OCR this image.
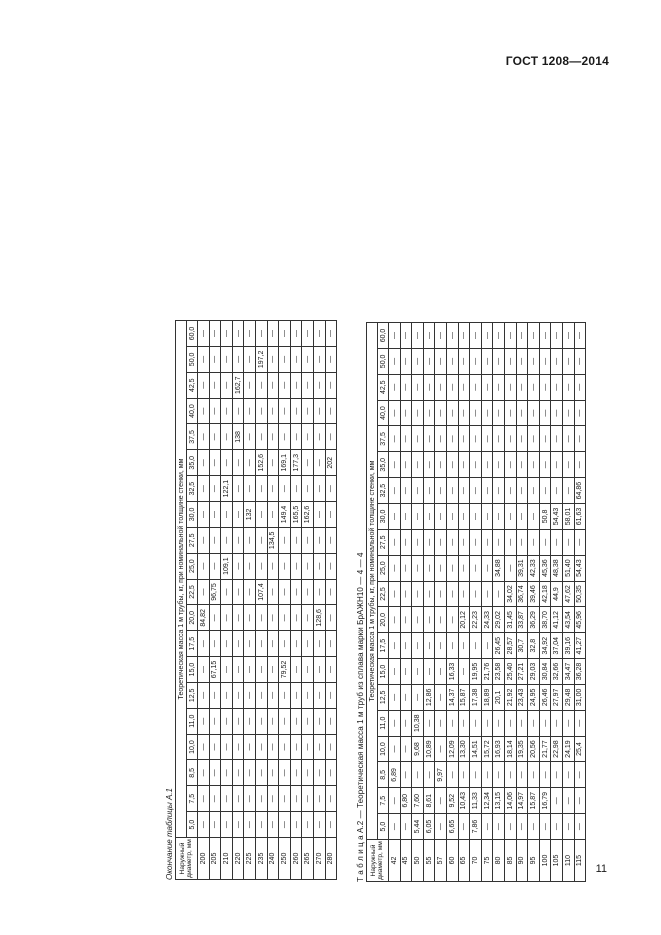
ГОСТ 1208—2014
Окончание таблицы А.1 Наружный диаметр, мм	Теоретическая масса 1 м трубы, кг, при номинальной толщине стенки, мм																			
	5,0	7,5	8,5	10,0	11,0	12,5	15,0	17,5	20,0	22,5	25,0	27,5	30,0	32,5	35,0	37,5	40,0	42,5	50,0	60,0
200	—	—	—	—	—	—	—	—	84,82	—	—	—	—	—	—	—	—	—	—	—
205	—	—	—	—	—	—	67,15	—	—	96,75	—	—	—	—	—	—	—	—	—	—
210	—	—	—	—	—	—	—	—	—	—	109,1	—	—	122,1	—	—	—	—	—	—
220	—	—	—	—	—	—	—	—	—	—	—	—	—	—	—	138	—	162,7	—	—
225	—	—	—	—	—	—	—	—	—	—	—	—	132	—	—	—	—	—	—	—
235	—	—	—	—	—	—	—	—	—	107,4	—	—	—	—	152,6	—	—	—	197,2	—
240	—	—	—	—	—	—	—	—	—	—	—	134,5	—	—	—	—	—	—	—	—
250	—	—	—	—	—	—	79,52	—	—	—	—	—	149,4	—	169,1	—	—	—	—	—
260	—	—	—	—	—	—	—	—	—	—	—	—	165,5	—	177,3	—	—	—	—	—
265	—	—	—	—	—	—	—	—	—	—	—	—	162,6	—	—	—	—	—	—	—
270	—	—	—	—	—	—	—	—	128,6	—	—	—	—	—	—	—	—	—	—	—
280	—	—	—	—	—	—	—	—	—	—	—	—	—	—	202	—	—	—	—	—
Т а б л и ц а А.2 — Теоретическая масса 1 м труб из сплава марки БрАЖН10 — 4 — 4 Наружный диаметр, мм	Теоретическая масса 1 м трубы, кг, при номинальной толщине стенки, мм																			
	5,0	7,5	8,5	10,0	11,0	12,5	15,0	17,5	20,0	22,5	25,0	27,5	30,0	32,5	35,0	37,5	40,0	42,5	50,0	60,0
42	—	—	6,89	—	—	—	—	—	—	—	—	—	—	—	—	—	—	—	—	—
45	—	6,80	—	—	—	—	—	—	—	—	—	—	—	—	—	—	—	—	—	—
50	5,44	7,60	—	9,68	10,38	—	—	—	—	—	—	—	—	—	—	—	—	—	—	—
55	6,05	8,61	—	10,89	—	12,86	—	—	—	—	—	—	—	—	—	—	—	—	—	—
57	—	—	9,97	—	—	—	—	—	—	—	—	—	—	—	—	—	—	—	—	—
60	6,65	9,52	—	12,09	—	14,37	16,33	—	—	—	—	—	—	—	—	—	—	—	—	—
65	—	10,43	—	13,30	—	15,87	—	—	20,12	—	—	—	—	—	—	—	—	—	—	—
70	7,86	11,33	—	14,51	—	17,38	19,95	—	22,23	—	—	—	—	—	—	—	—	—	—	—
75	—	12,34	—	15,72	—	18,89	21,76	—	24,33	—	—	—	—	—	—	—	—	—	—	—
80	—	13,15	—	16,93	—	20,1	23,58	26,45	29,02	—	34,88	—	—	—	—	—	—	—	—	—
85	—	14,06	—	18,14	—	21,92	25,40	28,57	31,45	34,02	—	—	—	—	—	—	—	—	—	—
90	—	14,97	—	19,35	—	23,43	27,21	30,7	33,87	36,74	39,31	—	—	—	—	—	—	—	—	—
95	—	15,87	—	20,56	—	24,95	29,03	32,8	36,29	39,46	42,33	—	—	—	—	—	—	—	—	—
100	—	16,79	—	21,77	—	26,46	30,84	34,92	38,70	42,18	45,36	—	50,8	—	—	—	—	—	—	—
105	—	—	—	22,98	—	27,97	32,66	37,04	41,12	44,9	48,38	—	54,43	—	—	—	—	—	—	—
110	—	—	—	24,19	—	29,48	34,47	39,16	43,54	47,62	51,40	—	58,01	—	—	—	—	—	—	—
115	—	—	—	25,4	—	31,00	36,28	41,27	45,96	50,35	54,43	—	61,63	64,86	—	—	—	—	—	—
11
